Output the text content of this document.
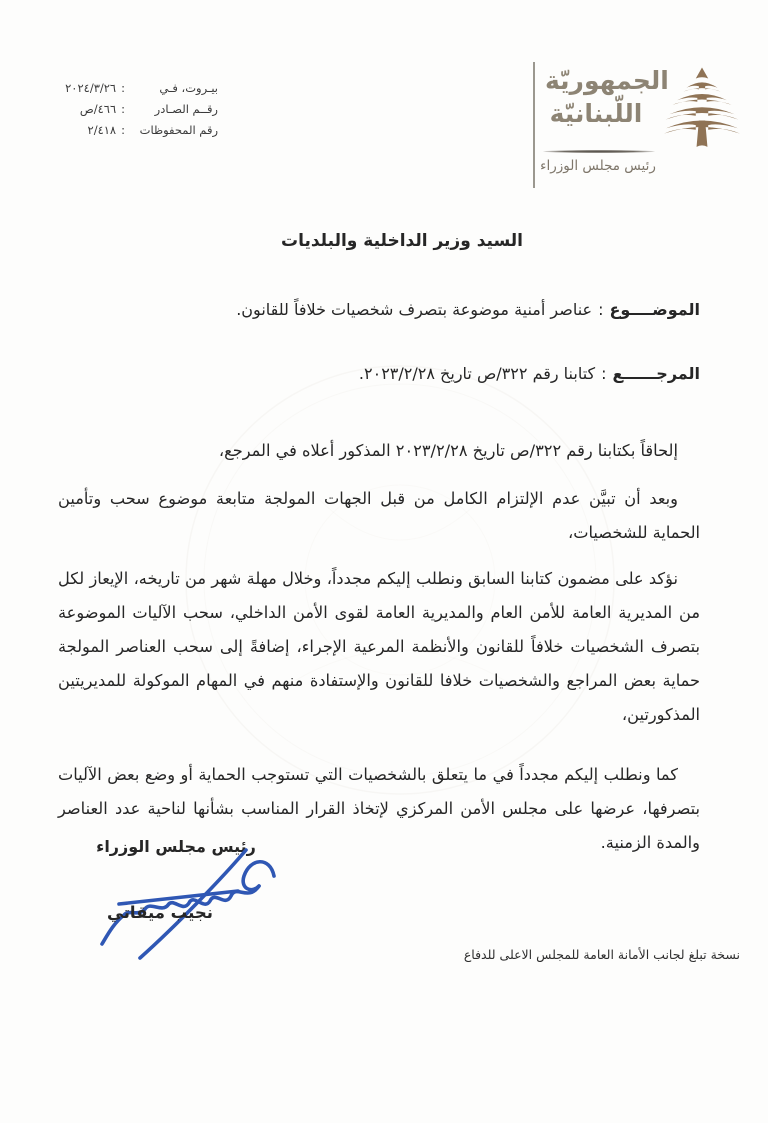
بيـروت، فـي
:
٢٠٢٤/٣/٢٦
رقــم الصـادر
:
٤٦٦/ص
رقم المحفوظات
:
٢/٤١٨
الجمهوريّة
اللّبنانيّة
رئيس مجلس الوزراء
السيد وزير الداخلية والبلديات
الموضــــوع:عناصر أمنية موضوعة بتصرف شخصيات خلافاً للقانون.
المرجــــــع:كتابنا رقم ٣٢٢/ص تاريخ ٢٠٢٣/٢/٢٨.

إلحاقاً بكتابنا رقم ٣٢٢/ص تاريخ ٢٠٢٣/٢/٢٨ المذكور أعلاه في المرجع،

وبعد أن تبيَّن عدم الإلتزام الكامل من قبل الجهات المولجة متابعة موضوع سحب وتأمين الحماية للشخصيات،

نؤكد على مضمون كتابنا السابق ونطلب إليكم مجدداً، وخلال مهلة شهر من تاريخه، الإيعاز لكل من المديرية العامة للأمن العام والمديرية العامة لقوى الأمن الداخلي، سحب الآليات الموضوعة بتصرف الشخصيات خلافاً للقانون والأنظمة المرعية الإجراء، إضافةً إلى سحب العناصر المولجة حماية بعض المراجع والشخصيات خلافا للقانون والإستفادة منهم في المهام الموكولة للمديريتين المذكورتين،

كما ونطلب إليكم مجدداً في ما يتعلق بالشخصيات التي تستوجب الحماية أو وضع بعض الآليات بتصرفها، عرضها على مجلس الأمن المركزي لإتخاذ القرار المناسب بشأنها لناحية عدد العناصر والمدة الزمنية.

رئيس مجلس الوزراء
نجيب ميقاتي
نسخة تبلغ لجانب الأمانة العامة للمجلس الاعلى للدفاع
